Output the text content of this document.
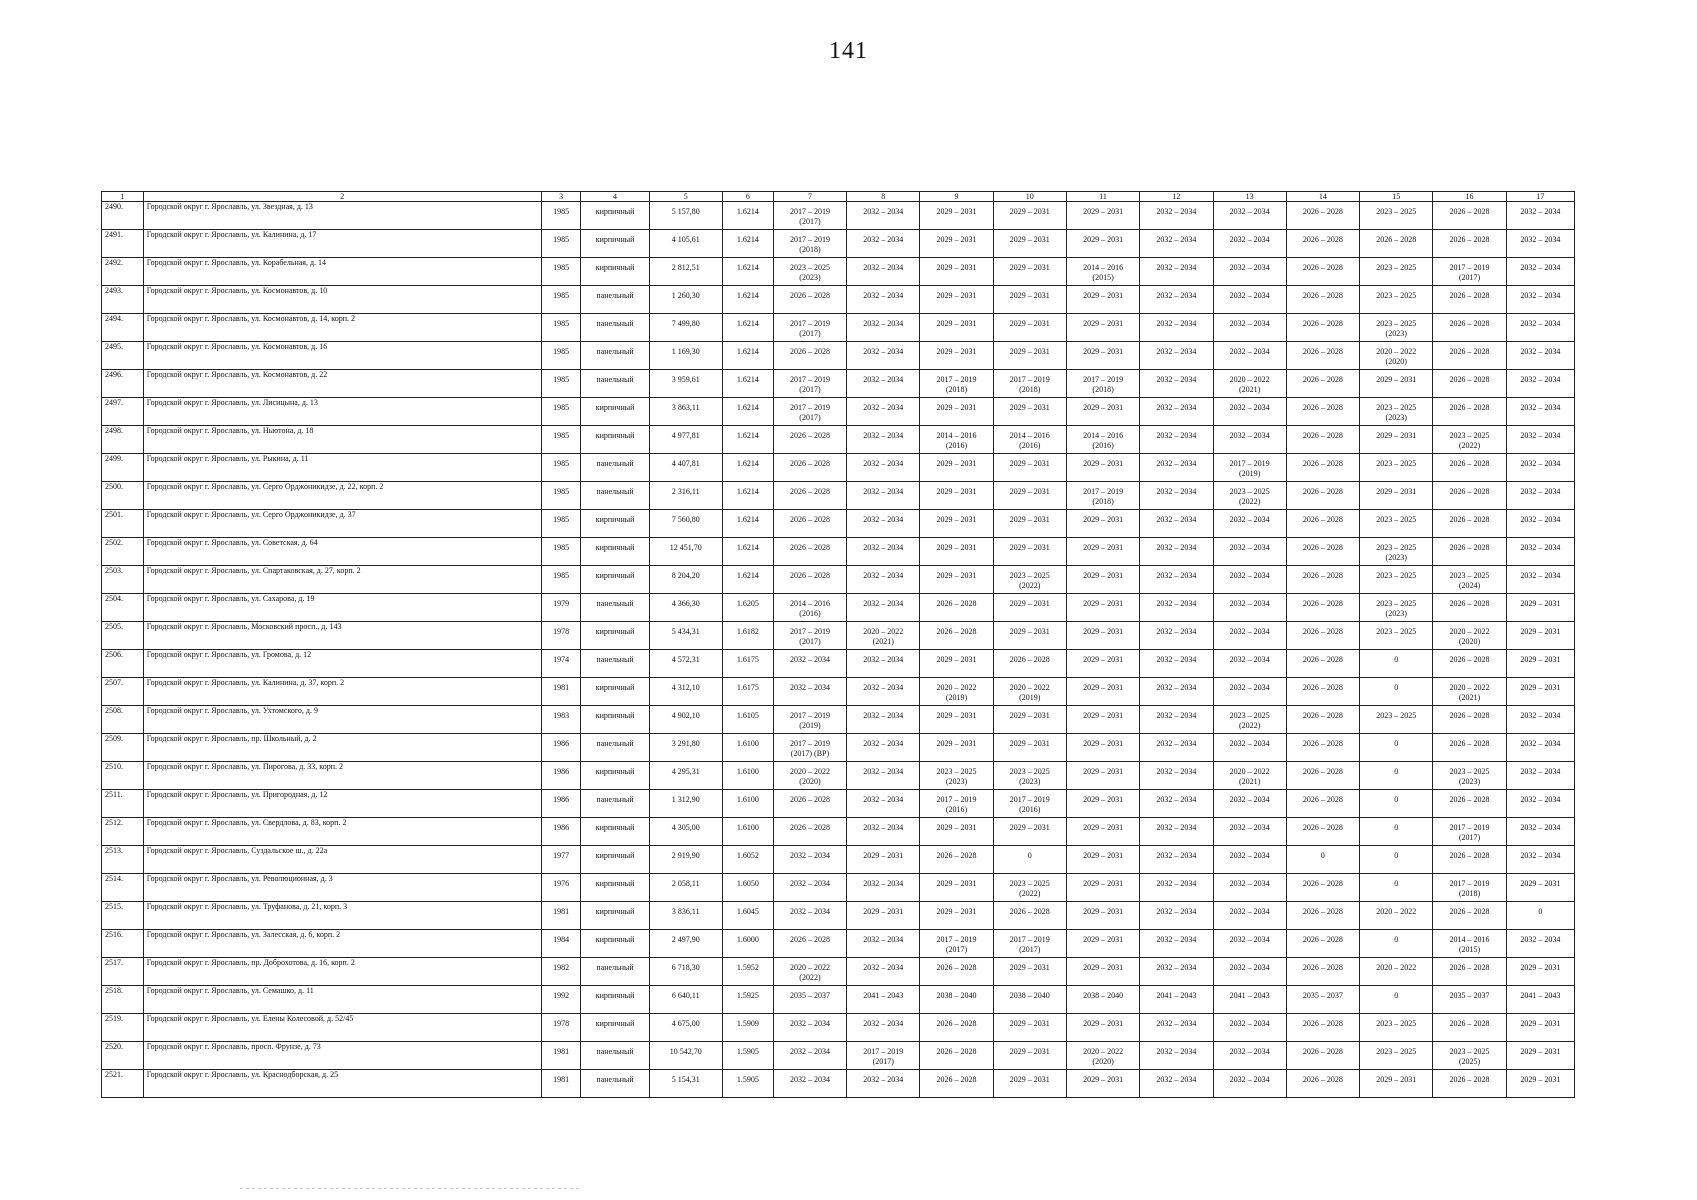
141
1	2	3	4	5	6	7	8	9	10	11	12	13	14	15	16	17
2490.	Городской округ г. Ярославль, ул. Звездная, д. 13	1985	кирпичный	5 157,80	1.6214	2017 – 2019
(2017)	2032 – 2034	2029 – 2031	2029 – 2031	2029 – 2031	2032 – 2034	2032 – 2034	2026 – 2028	2023 – 2025	2026 – 2028	2032 – 2034
2491.	Городской округ г. Ярославль, ул. Калинина, д. 17	1985	кирпичный	4 105,61	1.6214	2017 – 2019
(2018)	2032 – 2034	2029 – 2031	2029 – 2031	2029 – 2031	2032 – 2034	2032 – 2034	2026 – 2028	2026 – 2028	2026 – 2028	2032 – 2034
2492.	Городской округ г. Ярославль, ул. Корабельная, д. 14	1985	кирпичный	2 812,51	1.6214	2023 – 2025
(2023)	2032 – 2034	2029 – 2031	2029 – 2031	2014 – 2016
(2015)	2032 – 2034	2032 – 2034	2026 – 2028	2023 – 2025	2017 – 2019
(2017)	2032 – 2034
2493.	Городской округ г. Ярославль, ул. Космонавтов, д. 10	1985	панельный	1 260,30	1.6214	2026 – 2028	2032 – 2034	2029 – 2031	2029 – 2031	2029 – 2031	2032 – 2034	2032 – 2034	2026 – 2028	2023 – 2025	2026 – 2028	2032 – 2034
2494.	Городской округ г. Ярославль, ул. Космонавтов, д. 14, корп. 2	1985	панельный	7 499,80	1.6214	2017 – 2019
(2017)	2032 – 2034	2029 – 2031	2029 – 2031	2029 – 2031	2032 – 2034	2032 – 2034	2026 – 2028	2023 – 2025
(2023)	2026 – 2028	2032 – 2034
2495.	Городской округ г. Ярославль, ул. Космонавтов, д. 16	1985	панельный	1 169,30	1.6214	2026 – 2028	2032 – 2034	2029 – 2031	2029 – 2031	2029 – 2031	2032 – 2034	2032 – 2034	2026 – 2028	2020 – 2022
(2020)	2026 – 2028	2032 – 2034
2496.	Городской округ г. Ярославль, ул. Космонавтов, д. 22	1985	панельный	3 959,61	1.6214	2017 – 2019
(2017)	2032 – 2034	2017 – 2019
(2018)	2017 – 2019
(2018)	2017 – 2019
(2018)	2032 – 2034	2020 – 2022
(2021)	2026 – 2028	2029 – 2031	2026 – 2028	2032 – 2034
2497.	Городской округ г. Ярославль, ул. Лисицына, д. 13	1985	кирпичный	3 863,11	1.6214	2017 – 2019
(2017)	2032 – 2034	2029 – 2031	2029 – 2031	2029 – 2031	2032 – 2034	2032 – 2034	2026 – 2028	2023 – 2025
(2023)	2026 – 2028	2032 – 2034
2498.	Городской округ г. Ярославль, ул. Ньютона, д. 18	1985	кирпичный	4 977,81	1.6214	2026 – 2028	2032 – 2034	2014 – 2016
(2016)	2014 – 2016
(2016)	2014 – 2016
(2016)	2032 – 2034	2032 – 2034	2026 – 2028	2029 – 2031	2023 – 2025
(2022)	2032 – 2034
2499.	Городской округ г. Ярославль, ул. Рыкина, д. 11	1985	панельный	4 407,81	1.6214	2026 – 2028	2032 – 2034	2029 – 2031	2029 – 2031	2029 – 2031	2032 – 2034	2017 – 2019
(2019)	2026 – 2028	2023 – 2025	2026 – 2028	2032 – 2034
2500.	Городской округ г. Ярославль, ул. Серго Орджоникидзе, д. 22, корп. 2	1985	панельный	2 316,11	1.6214	2026 – 2028	2032 – 2034	2029 – 2031	2029 – 2031	2017 – 2019
(2018)	2032 – 2034	2023 – 2025
(2022)	2026 – 2028	2029 – 2031	2026 – 2028	2032 – 2034
2501.	Городской округ г. Ярославль, ул. Серго Орджоникидзе, д. 37	1985	кирпичный	7 560,80	1.6214	2026 – 2028	2032 – 2034	2029 – 2031	2029 – 2031	2029 – 2031	2032 – 2034	2032 – 2034	2026 – 2028	2023 – 2025	2026 – 2028	2032 – 2034
2502.	Городской округ г. Ярославль, ул. Советская, д. 64	1985	кирпичный	12 451,70	1.6214	2026 – 2028	2032 – 2034	2029 – 2031	2029 – 2031	2029 – 2031	2032 – 2034	2032 – 2034	2026 – 2028	2023 – 2025
(2023)	2026 – 2028	2032 – 2034
2503.	Городской округ г. Ярославль, ул. Спартаковская, д. 27, корп. 2	1985	кирпичный	8 204,20	1.6214	2026 – 2028	2032 – 2034	2029 – 2031	2023 – 2025
(2022)	2029 – 2031	2032 – 2034	2032 – 2034	2026 – 2028	2023 – 2025	2023 – 2025
(2024)	2032 – 2034
2504.	Городской округ г. Ярославль, ул. Сахарова, д. 19	1979	панельный	4 366,30	1.6205	2014 – 2016
(2016)	2032 – 2034	2026 – 2028	2029 – 2031	2029 – 2031	2032 – 2034	2032 – 2034	2026 – 2028	2023 – 2025
(2023)	2026 – 2028	2029 – 2031
2505.	Городской округ г. Ярославль, Московский просп., д. 143	1978	кирпичный	5 434,31	1.6182	2017 – 2019
(2017)	2020 – 2022
(2021)	2026 – 2028	2029 – 2031	2029 – 2031	2032 – 2034	2032 – 2034	2026 – 2028	2023 – 2025	2020 – 2022
(2020)	2029 – 2031
2506.	Городской округ г. Ярославль, ул. Громова, д. 12	1974	панельный	4 572,31	1.6175	2032 – 2034	2032 – 2034	2029 – 2031	2026 – 2028	2029 – 2031	2032 – 2034	2032 – 2034	2026 – 2028	0	2026 – 2028	2029 – 2031
2507.	Городской округ г. Ярославль, ул. Калинина, д. 37, корп. 2	1981	кирпичный	4 312,10	1.6175	2032 – 2034	2032 – 2034	2020 – 2022
(2019)	2020 – 2022
(2019)	2029 – 2031	2032 – 2034	2032 – 2034	2026 – 2028	0	2020 – 2022
(2021)	2029 – 2031
2508.	Городской округ г. Ярославль, ул. Ухтомского, д. 9	1983	кирпичный	4 902,10	1.6105	2017 – 2019
(2019)	2032 – 2034	2029 – 2031	2029 – 2031	2029 – 2031	2032 – 2034	2023 – 2025
(2022)	2026 – 2028	2023 – 2025	2026 – 2028	2032 – 2034
2509.	Городской округ г. Ярославль, пр. Школьный, д. 2	1986	панельный	3 291,80	1.6100	2017 – 2019
(2017) (ВР)	2032 – 2034	2029 – 2031	2029 – 2031	2029 – 2031	2032 – 2034	2032 – 2034	2026 – 2028	0	2026 – 2028	2032 – 2034
2510.	Городской округ г. Ярославль, ул. Пирогова, д. 33, корп. 2	1986	кирпичный	4 295,31	1.6100	2020 – 2022
(2020)	2032 – 2034	2023 – 2025
(2023)	2023 – 2025
(2023)	2029 – 2031	2032 – 2034	2020 – 2022
(2021)	2026 – 2028	0	2023 – 2025
(2023)	2032 – 2034
2511.	Городской округ г. Ярославль, ул. Пригородная, д. 12	1986	панельный	1 312,90	1.6100	2026 – 2028	2032 – 2034	2017 – 2019
(2016)	2017 – 2019
(2016)	2029 – 2031	2032 – 2034	2032 – 2034	2026 – 2028	0	2026 – 2028	2032 – 2034
2512.	Городской округ г. Ярославль, ул. Свердлова, д. 83, корп. 2	1986	кирпичный	4 305,00	1.6100	2026 – 2028	2032 – 2034	2029 – 2031	2029 – 2031	2029 – 2031	2032 – 2034	2032 – 2034	2026 – 2028	0	2017 – 2019
(2017)	2032 – 2034
2513.	Городской округ г. Ярославль, Суздальское ш., д. 22а	1977	кирпичный	2 919,90	1.6052	2032 – 2034	2029 – 2031	2026 – 2028	0	2029 – 2031	2032 – 2034	2032 – 2034	0	0	2026 – 2028	2032 – 2034
2514.	Городской округ г. Ярославль, ул. Революционная, д. 3	1976	кирпичный	2 058,11	1.6050	2032 – 2034	2032 – 2034	2029 – 2031	2023 – 2025
(2022)	2029 – 2031	2032 – 2034	2032 – 2034	2026 – 2028	0	2017 – 2019
(2018)	2029 – 2031
2515.	Городской округ г. Ярославль, ул. Труфанова, д. 21, корп. 3	1981	кирпичный	3 836,11	1.6045	2032 – 2034	2029 – 2031	2029 – 2031	2026 – 2028	2029 – 2031	2032 – 2034	2032 – 2034	2026 – 2028	2020 – 2022	2026 – 2028	0
2516.	Городской округ г. Ярославль, ул. Залесская, д. 6, корп. 2	1984	кирпичный	2 497,90	1.6000	2026 – 2028	2032 – 2034	2017 – 2019
(2017)	2017 – 2019
(2017)	2029 – 2031	2032 – 2034	2032 – 2034	2026 – 2028	0	2014 – 2016
(2015)	2032 – 2034
2517.	Городской округ г. Ярославль, пр. Доброхотова, д. 16, корп. 2	1982	панельный	6 718,30	1.5952	2020 – 2022
(2022)	2032 – 2034	2026 – 2028	2029 – 2031	2029 – 2031	2032 – 2034	2032 – 2034	2026 – 2028	2020 – 2022	2026 – 2028	2029 – 2031
2518.	Городской округ г. Ярославль, ул. Семашко, д. 11	1992	кирпичный	6 640,11	1.5925	2035 – 2037	2041 – 2043	2038 – 2040	2038 – 2040	2038 – 2040	2041 – 2043	2041 – 2043	2035 – 2037	0	2035 – 2037	2041 – 2043
2519.	Городской округ г. Ярославль, ул. Елены Колесовой, д. 52/45	1978	кирпичный	4 675,00	1.5909	2032 – 2034	2032 – 2034	2026 – 2028	2029 – 2031	2029 – 2031	2032 – 2034	2032 – 2034	2026 – 2028	2023 – 2025	2026 – 2028	2029 – 2031
2520.	Городской округ г. Ярославль, просп. Фрунзе, д. 73	1981	панельный	10 542,70	1.5905	2032 – 2034	2017 – 2019
(2017)	2026 – 2028	2029 – 2031	2020 – 2022
(2020)	2032 – 2034	2032 – 2034	2026 – 2028	2023 – 2025	2023 – 2025
(2025)	2029 – 2031
2521.	Городской округ г. Ярославль, ул. Краснодборская, д. 25	1981	панельный	5 154,31	1.5905	2032 – 2034	2032 – 2034	2026 – 2028	2029 – 2031	2029 – 2031	2032 – 2034	2032 – 2034	2026 – 2028	2029 – 2031	2026 – 2028	2029 – 2031
